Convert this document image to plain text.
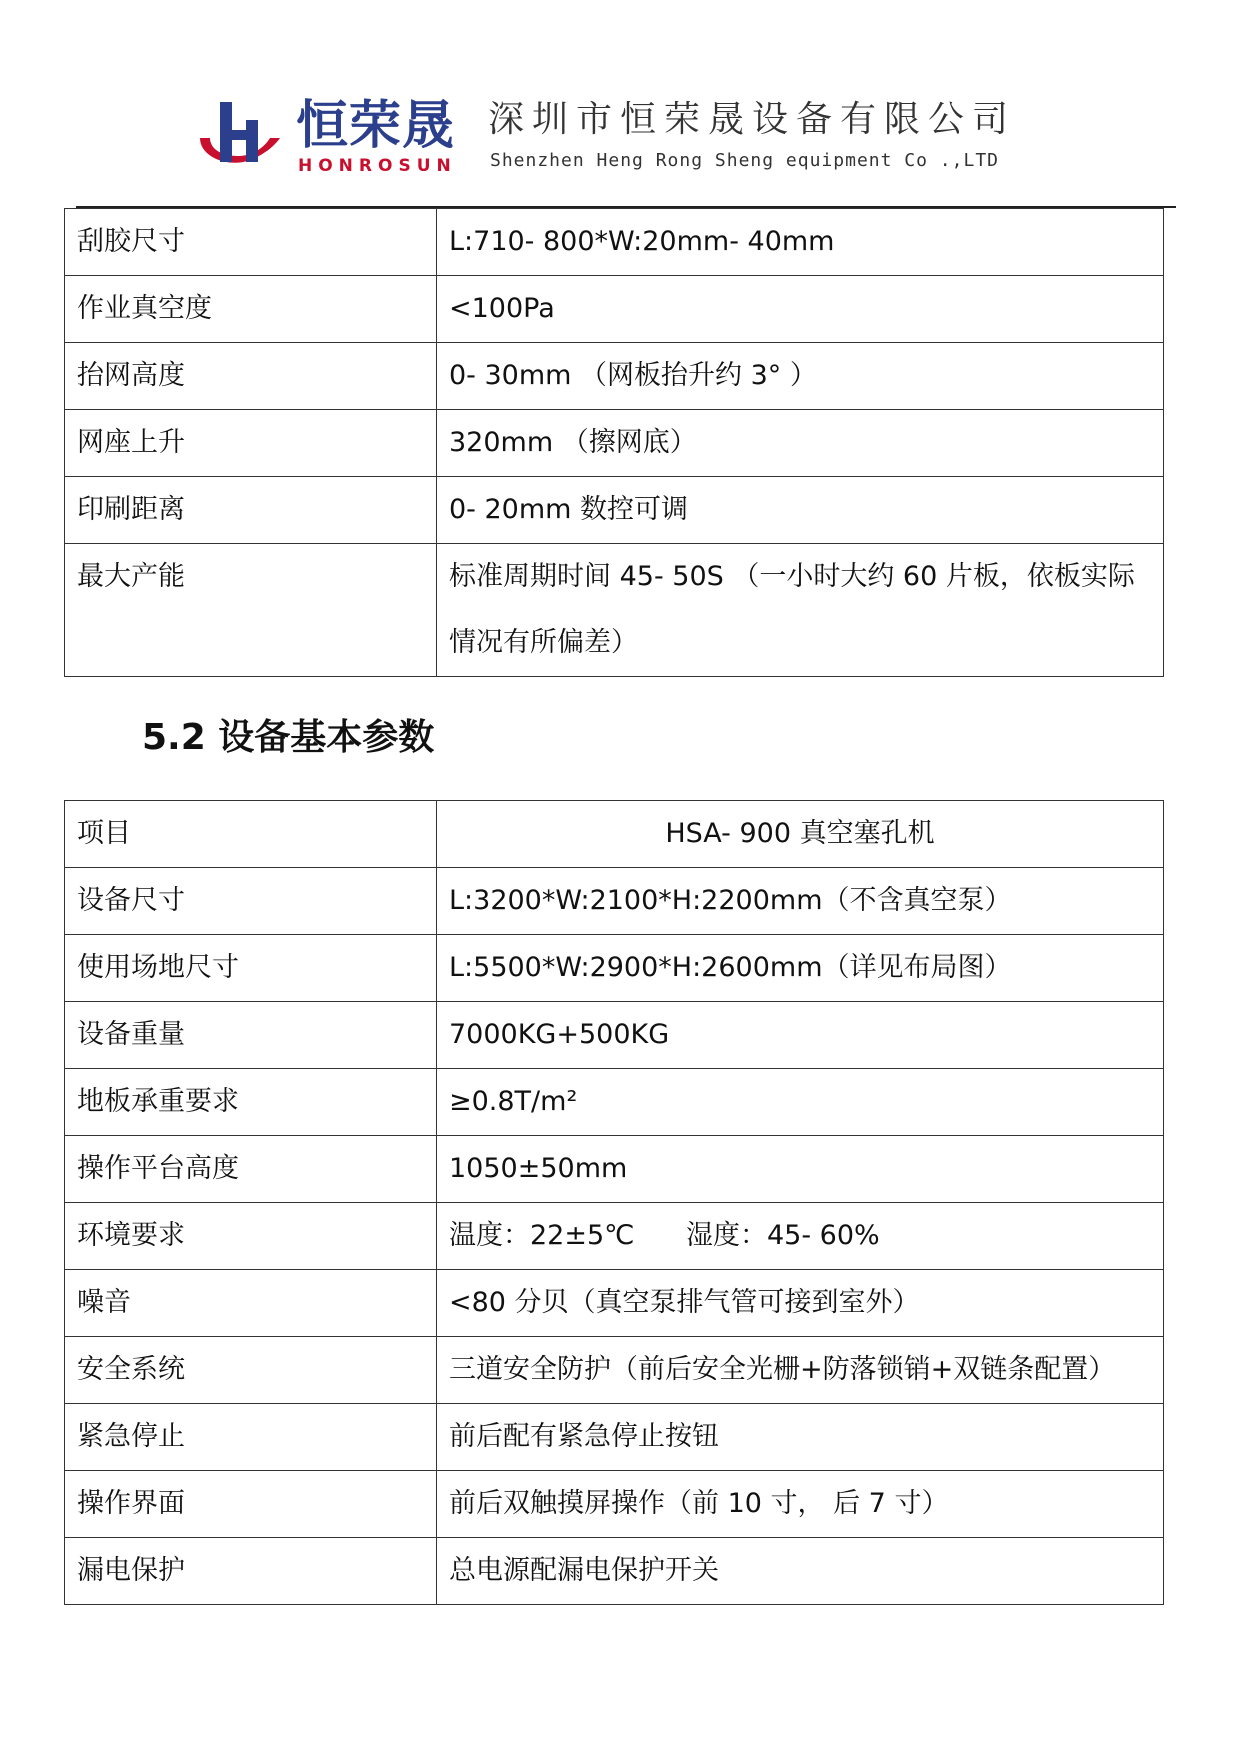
恒荣晟
HONROSUN
深圳市恒荣晟设备有限公司
Shenzhen Heng Rong Sheng equipment Co .,LTD
刮胶尺寸	L:710- 800*W:20mm- 40mm
作业真空度	<100Pa
抬网高度	0- 30mm （网板抬升约 3° ）
网座上升	320mm （擦网底）
印刷距离	0- 20mm 数控可调
最大产能	标准周期时间 45- 50S （一小时大约 60 片板，依板实际
情况有所偏差）
5.2 设备基本参数
项目	HSA- 900 真空塞孔机
设备尺寸	L:3200*W:2100*H:2200mm（不含真空泵）
使用场地尺寸	L:5500*W:2900*H:2600mm（详见布局图）
设备重量	7000KG+500KG
地板承重要求	≥0.8T/m²
操作平台高度	1050±50mm
环境要求	温度：22±5℃      湿度：45- 60%
噪音	<80 分贝（真空泵排气管可接到室外）
安全系统	三道安全防护（前后安全光栅+防落锁销+双链条配置）
紧急停止	前后配有紧急停止按钮
操作界面	前后双触摸屏操作（前 10 寸， 后 7 寸）
漏电保护	总电源配漏电保护开关
